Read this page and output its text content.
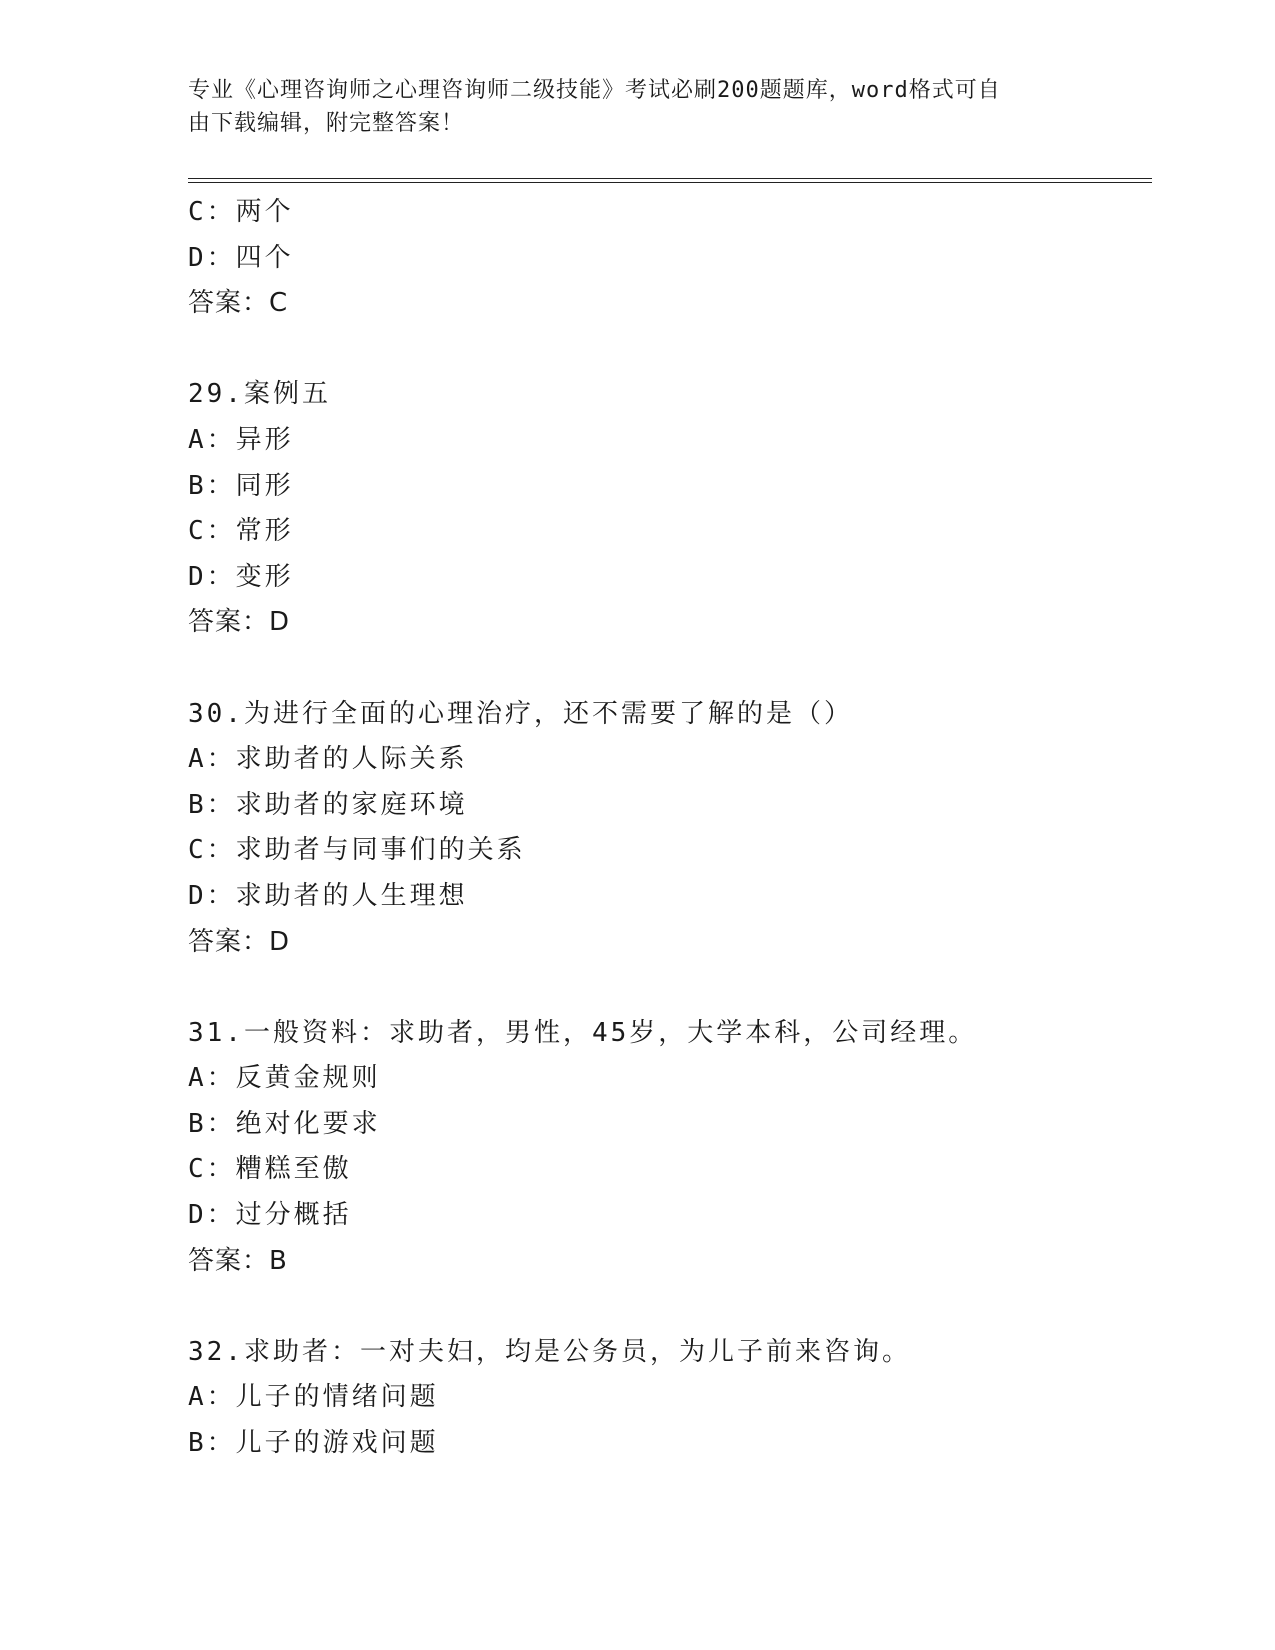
专业《心理咨询师之心理咨询师二级技能》考试必刷200题题库，word格式可自
由下载编辑，附完整答案！
C：两个
D：四个
答案：C
29.案例五
A：异形
B：同形
C：常形
D：变形
答案：D
30.为进行全面的心理治疗，还不需要了解的是（）
A：求助者的人际关系
B：求助者的家庭环境
C：求助者与同事们的关系
D：求助者的人生理想
答案：D
31.一般资料：求助者，男性，45岁，大学本科，公司经理。
A：反黄金规则
B：绝对化要求
C：糟糕至傲
D：过分概括
答案：B
32.求助者：一对夫妇，均是公务员，为儿子前来咨询。
A：儿子的情绪问题
B：儿子的游戏问题
